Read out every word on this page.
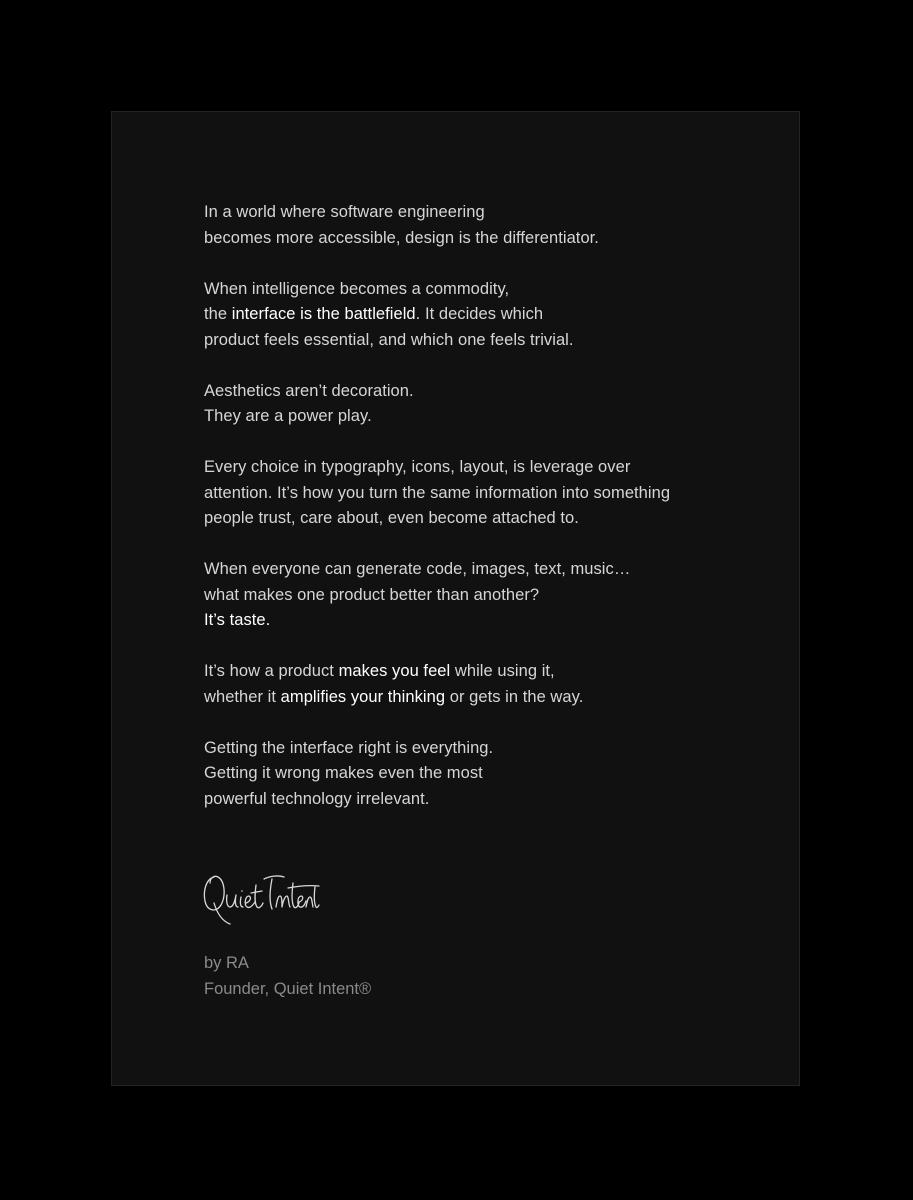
In a world where software engineering
becomes more accessible, design is the differentiator.
When intelligence becomes a commodity,
the interface is the battlefield. It decides which
product feels essential, and which one feels trivial.
Aesthetics aren’t decoration.
They are a power play.
Every choice in typography, icons, layout, is leverage over
attention. It’s how you turn the same information into something
people trust, care about, even become attached to.
When everyone can generate code, images, text, music…
what makes one product better than another?
It’s taste.
It’s how a product makes you feel while using it,
whether it amplifies your thinking or gets in the way.
Getting the interface right is everything.
Getting it wrong makes even the most
powerful technology irrelevant.
by RA
Founder, Quiet Intent®
